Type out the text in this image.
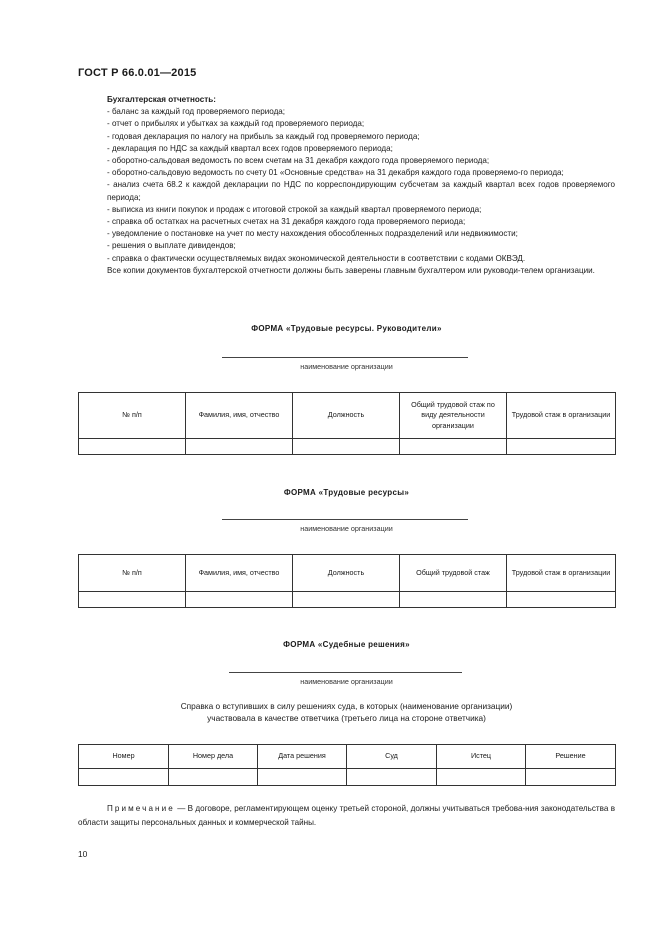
ГОСТ Р 66.0.01—2015
Бухгалтерская отчетность:
- баланс за каждый год проверяемого периода;
- отчет о прибылях и убытках за каждый год проверяемого периода;
- годовая декларация по налогу на прибыль за каждый год проверяемого периода;
- декларация по НДС за каждый квартал всех годов проверяемого периода;
- оборотно-сальдовая ведомость по всем счетам на 31 декабря каждого года проверяемого периода;
- оборотно-сальдовую ведомость по счету 01 «Основные средства» на 31 декабря каждого года проверяемо-го периода;
- анализ счета 68.2 к каждой декларации по НДС по корреспондирующим субсчетам за каждый квартал всех годов проверяемого периода;
- выписка из книги покупок и продаж с итоговой строкой за каждый квартал проверяемого периода;
- справка об остатках на расчетных счетах на 31 декабря каждого года проверяемого периода;
- уведомление о постановке на учет по месту нахождения обособленных подразделений или недвижимости;
- решения о выплате дивидендов;
- справка о фактически осуществляемых видах экономической деятельности в соответствии с кодами ОКВЭД.
Все копии документов бухгалтерской отчетности должны быть заверены главным бухгалтером или руководи-телем организации.
ФОРМА «Трудовые ресурсы. Руководители»
наименование организации
№ п/п	Фамилия, имя, отчество	Должность	Общий трудовой стаж по виду деятельности организации	Трудовой стаж в организации

ФОРМА «Трудовые ресурсы»
наименование организации
№ п/п	Фамилия, имя, отчество	Должность	Общий трудовой стаж	Трудовой стаж в организации

ФОРМА «Судебные решения»
наименование организации
Справка о вступивших в силу решениях суда, в которых (наименование организации)
участвовала в качестве ответчика (третьего лица на стороне ответчика)
Номер	Номер дела	Дата решения	Суд	Истец	Решение

Примечание — В договоре, регламентирующем оценку третьей стороной, должны учитываться требова-ния законодательства в области защиты персональных данных и коммерческой тайны.
10
